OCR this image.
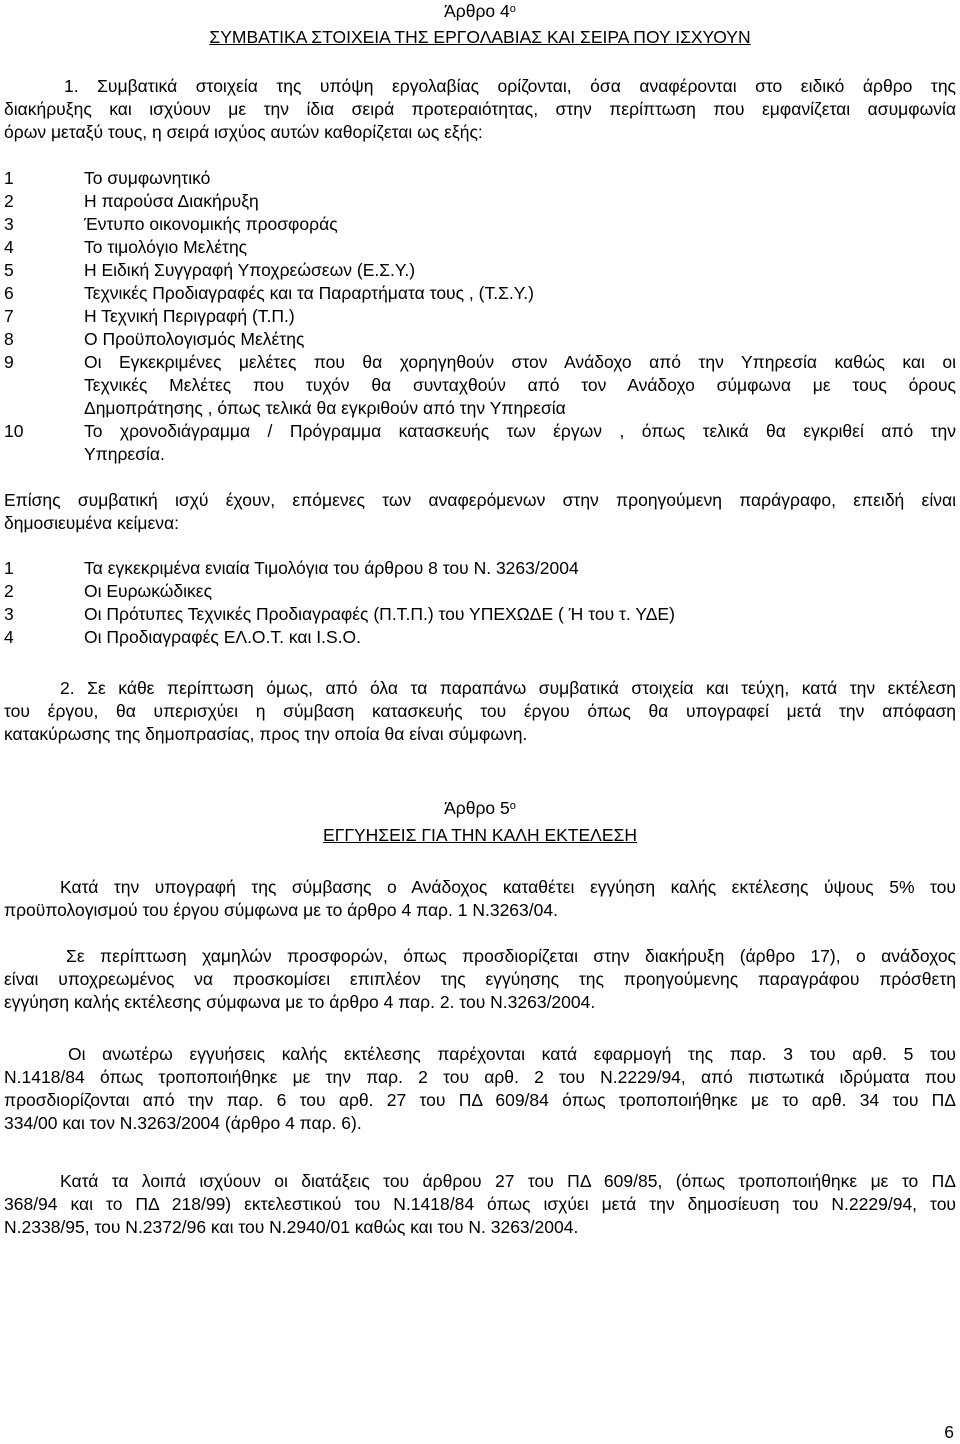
Άρθρο $4^o$
ΣΥΜΒΑΤΙΚΑ ΣΤΟΙΧΕΙΑ ΤΗΣ ΕΡΓΟΛΑΒΙΑΣ ΚΑΙ ΣΕΙΡΑ ΠΟΥ ΙΣΧΥΟΥΝ
1. Συμβατικά στοιχεία της υπόψη εργολαβίας ορίζονται, όσα αναφέρονται στο ειδικό άρθρο της
διακήρυξης και ισχύουν με την ίδια σειρά προτεραιότητας, στην περίπτωση που εμφανίζεται ασυμφωνία
όρων μεταξύ τους, η σειρά ισχύος αυτών καθορίζεται ως εξής:
1	Το συμφωνητικό
2	Η παρούσα Διακήρυξη
3	Έντυπο οικονομικής προσφοράς
4	Το τιμολόγιο Μελέτης
5	Η Ειδική Συγγραφή Υποχρεώσεων (Ε.Σ.Υ.)
6	Τεχνικές Προδιαγραφές και τα Παραρτήματα τους , (Τ.Σ.Υ.)
7	Η Τεχνική Περιγραφή (Τ.Π.)
8	Ο Προϋπολογισμός Μελέτης
9	Οι Εγκεκριμένες μελέτες που θα χορηγηθούν στον Ανάδοχο από την Υπηρεσία καθώς και οι
Τεχνικές Μελέτες που τυχόν θα συνταχθούν από τον Ανάδοχο σύμφωνα με τους όρους
Δημοπράτησης , όπως τελικά θα εγκριθούν από την Υπηρεσία
10	Το χρονοδιάγραμμα / Πρόγραμμα κατασκευής των έργων , όπως τελικά θα εγκριθεί από την
Υπηρεσία.
Επίσης συμβατική ισχύ έχουν, επόμενες των αναφερόμενων στην προηγούμενη παράγραφο, επειδή είναι
δημοσιευμένα κείμενα:
1	Τα εγκεκριμένα ενιαία Τιμολόγια του άρθρου 8 του Ν. 3263/2004
2	Οι Ευρωκώδικες
3	Οι Πρότυπες Τεχνικές Προδιαγραφές (Π.Τ.Π.) του ΥΠΕΧΩΔΕ ( Ή του τ. ΥΔΕ)
4	Οι Προδιαγραφές ΕΛ.Ο.Τ. και I.S.O.
2. Σε κάθε περίπτωση όμως, από όλα τα παραπάνω συμβατικά στοιχεία και τεύχη, κατά την εκτέλεση
του έργου, θα υπερισχύει η σύμβαση κατασκευής του έργου όπως θα υπογραφεί μετά την απόφαση
κατακύρωσης της δημοπρασίας, προς την οποία θα είναι σύμφωνη.
Άρθρο $5^o$
ΕΓΓΥΗΣΕΙΣ ΓΙΑ ΤΗΝ ΚΑΛΗ ΕΚΤΕΛΕΣΗ
Κατά την υπογραφή της σύμβασης ο Ανάδοχος καταθέτει εγγύηση καλής εκτέλεσης ύψους 5% του
προϋπολογισμού του έργου σύμφωνα με το άρθρο 4 παρ. 1 Ν.3263/04.
Σε περίπτωση χαμηλών προσφορών, όπως προσδιορίζεται στην διακήρυξη (άρθρο 17), ο ανάδοχος
είναι υποχρεωμένος να προσκομίσει επιπλέον της εγγύησης της προηγούμενης παραγράφου πρόσθετη
εγγύηση καλής εκτέλεσης σύμφωνα με το άρθρο 4 παρ. 2. του Ν.3263/2004.
Οι ανωτέρω εγγυήσεις καλής εκτέλεσης παρέχονται κατά εφαρμογή της παρ. 3 του αρθ. 5 του
Ν.1418/84 όπως τροποποιήθηκε με την παρ. 2 του αρθ. 2 του Ν.2229/94, από πιστωτικά ιδρύματα που
προσδιορίζονται από την παρ. 6 του αρθ. 27 του ΠΔ 609/84 όπως τροποποιήθηκε με το αρθ. 34 του ΠΔ
334/00 και τον Ν.3263/2004 (άρθρο 4 παρ. 6).
Κατά τα λοιπά ισχύουν οι διατάξεις του άρθρου 27 του ΠΔ 609/85, (όπως τροποποιήθηκε με το ΠΔ
368/94 και το ΠΔ 218/99) εκτελεστικού του Ν.1418/84 όπως ισχύει μετά την δημοσίευση του Ν.2229/94, του
Ν.2338/95, του Ν.2372/96 και του Ν.2940/01 καθώς και του Ν. 3263/2004.
6
